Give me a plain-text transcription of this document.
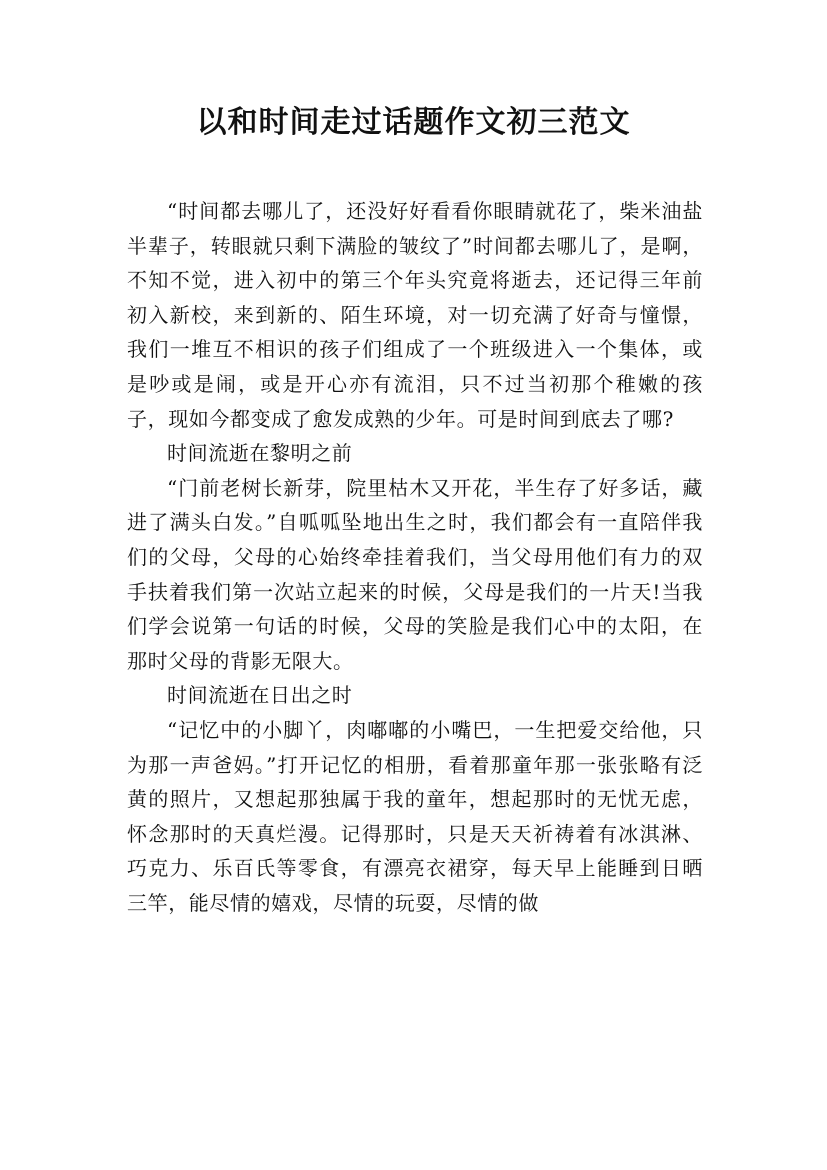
以和时间走过话题作文初三范文

“时间都去哪儿了，还没好好看看你眼睛就花了，柴米油盐半辈子，转眼就只剩下满脸的皱纹了”时间都去哪儿了，是啊，不知不觉，进入初中的第三个年头究竟将逝去，还记得三年前初入新校，来到新的、陌生环境，对一切充满了好奇与憧憬，我们一堆互不相识的孩子们组成了一个班级进入一个集体，或是吵或是闹，或是开心亦有流泪，只不过当初那个稚嫩的孩子，现如今都变成了愈发成熟的少年。可是时间到底去了哪?

时间流逝在黎明之前

“门前老树长新芽，院里枯木又开花，半生存了好多话，藏进了满头白发。”自呱呱坠地出生之时，我们都会有一直陪伴我们的父母，父母的心始终牵挂着我们，当父母用他们有力的双手扶着我们第一次站立起来的时候，父母是我们的一片天!当我们学会说第一句话的时候，父母的笑脸是我们心中的太阳，在那时父母的背影无限大。

时间流逝在日出之时

“记忆中的小脚丫，肉嘟嘟的小嘴巴，一生把爱交给他，只为那一声爸妈。”打开记忆的相册，看着那童年那一张张略有泛黄的照片，又想起那独属于我的童年，想起那时的无忧无虑，怀念那时的天真烂漫。记得那时，只是天天祈祷着有冰淇淋、巧克力、乐百氏等零食，有漂亮衣裙穿，每天早上能睡到日晒三竿，能尽情的嬉戏，尽情的玩耍，尽情的做
